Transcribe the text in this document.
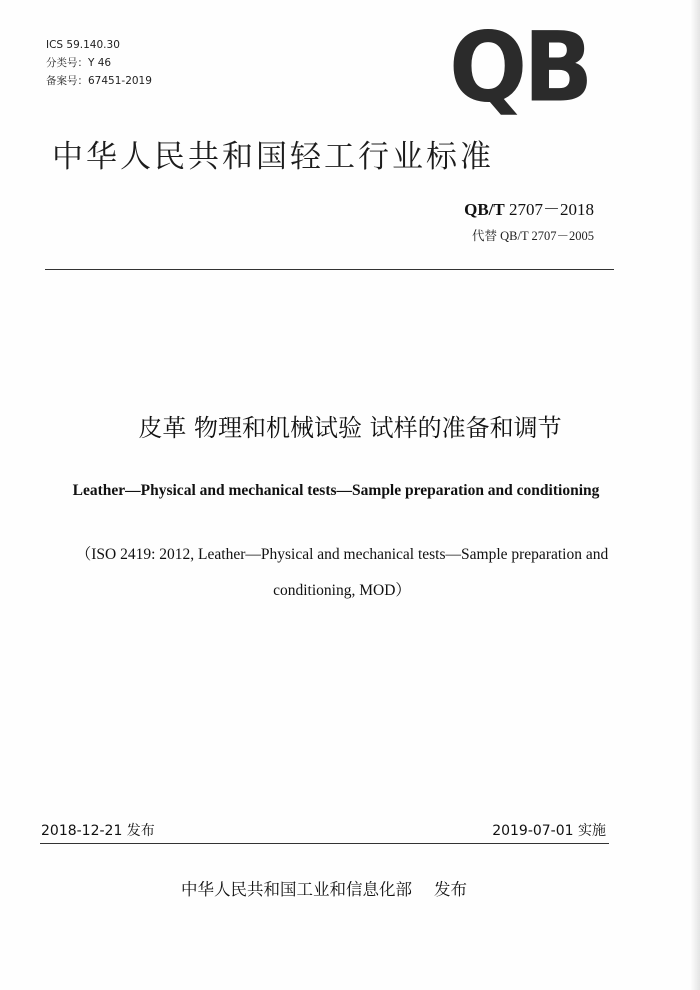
ICS 59.140.30
分类号：Y 46
备案号：67451-2019	QB
中华人民共和国轻工行业标准
QB/T 2707－2018
代替 QB/T 2707－2005
皮革 物理和机械试验 试样的准备和调节
Leather—Physical and mechanical tests—Sample preparation and conditioning
（ISO 2419: 2012, Leather—Physical and mechanical tests—Sample preparation and
conditioning, MOD）
2018-12-21 发布	2019-07-01 实施
中华人民共和国工业和信息化部 发布
